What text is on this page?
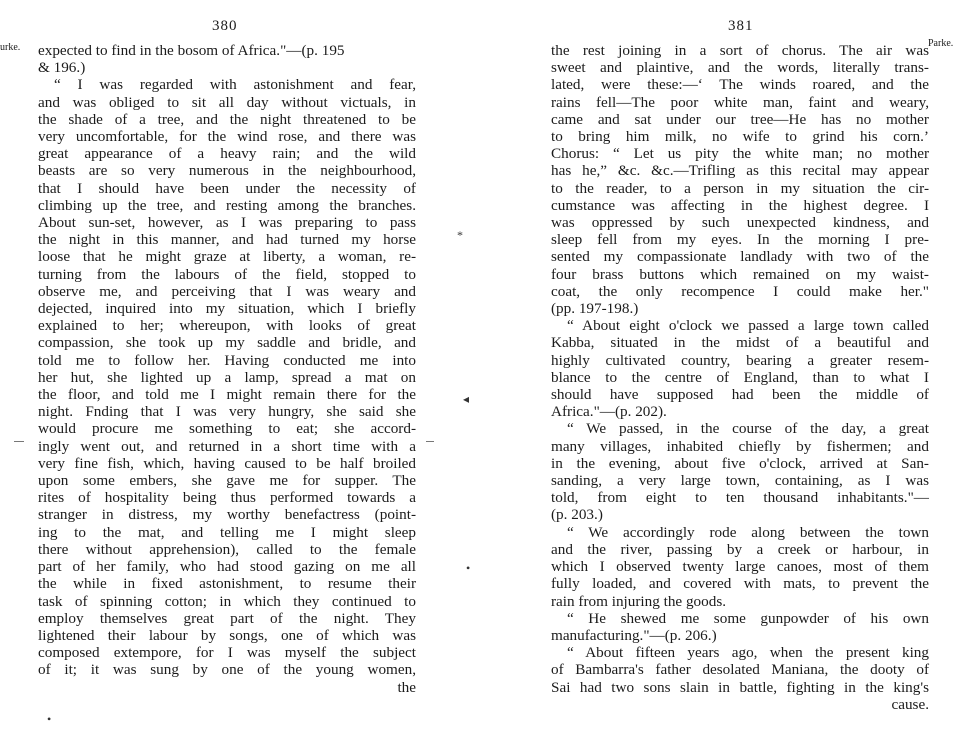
380
urke. expected to find in the bosom of Africa."—(p. 195
& 196.)
“ I was regarded with astonishment and fear,
and was obliged to sit all day without victuals, in
the shade of a tree, and the night threatened to be
very uncomfortable, for the wind rose, and there was
great appearance of a heavy rain; and the wild
beasts are so very numerous in the neighbourhood,
that I should have been under the necessity of
climbing up the tree, and resting among the branches.
About sun-set, however, as I was preparing to pass
the night in this manner, and had turned my horse
loose that he might graze at liberty, a woman, re-
turning from the labours of the field, stopped to
observe me, and perceiving that I was weary and
dejected, inquired into my situation, which I briefly
explained to her; whereupon, with looks of great
compassion, she took up my saddle and bridle, and
told me to follow her. Having conducted me into
her hut, she lighted up a lamp, spread a mat on
the floor, and told me I might remain there for the
night. Fnding that I was very hungry, she said she
would procure me something to eat; she accord-
ingly went out, and returned in a short time with a
very fine fish, which, having caused to be half broiled
upon some embers, she gave me for supper. The
rites of hospitality being thus performed towards a
stranger in distress, my worthy benefactress (point-
ing to the mat, and telling me I might sleep
there without apprehension), called to the female
part of her family, who had stood gazing on me all
the while in fixed astonishment, to resume their
task of spinning cotton; in which they continued to
employ themselves great part of the night. They
lightened their labour by songs, one of which was
composed extempore, for I was myself the subject
of it; it was sung by one of the young women,
the
381
Parke.
the rest joining in a sort of chorus. The air was
sweet and plaintive, and the words, literally trans-
lated, were these:—‘ The winds roared, and the
rains fell—The poor white man, faint and weary,
came and sat under our tree—He has no mother
to bring him milk, no wife to grind his corn.’
Chorus: “ Let us pity the white man; no mother
has he,” &c. &c.—Trifling as this recital may appear
to the reader, to a person in my situation the cir-
cumstance was affecting in the highest degree. I
was oppressed by such unexpected kindness, and
sleep fell from my eyes. In the morning I pre-
sented my compassionate landlady with two of the
four brass buttons which remained on my waist-
coat, the only recompence I could make her."
(pp. 197-198.)
“ About eight o'clock we passed a large town called
Kabba, situated in the midst of a beautiful and
highly cultivated country, bearing a greater resem-
blance to the centre of England, than to what I
should have supposed had been the middle of
Africa."—(p. 202).
“ We passed, in the course of the day, a great
many villages, inhabited chiefly by fishermen; and
in the evening, about five o'clock, arrived at San-
sanding, a very large town, containing, as I was
told, from eight to ten thousand inhabitants."—
(p. 203.)
“ We accordingly rode along between the town
and the river, passing by a creek or harbour, in
which I observed twenty large canoes, most of them
fully loaded, and covered with mats, to prevent the
rain from injuring the goods.
“ He shewed me some gunpowder of his own
manufacturing."—(p. 206.)
“ About fifteen years ago, when the present king
of Bambarra's father desolated Maniana, the dooty of
Sai had two sons slain in battle, fighting in the king's
cause.
*
◂
•
•
